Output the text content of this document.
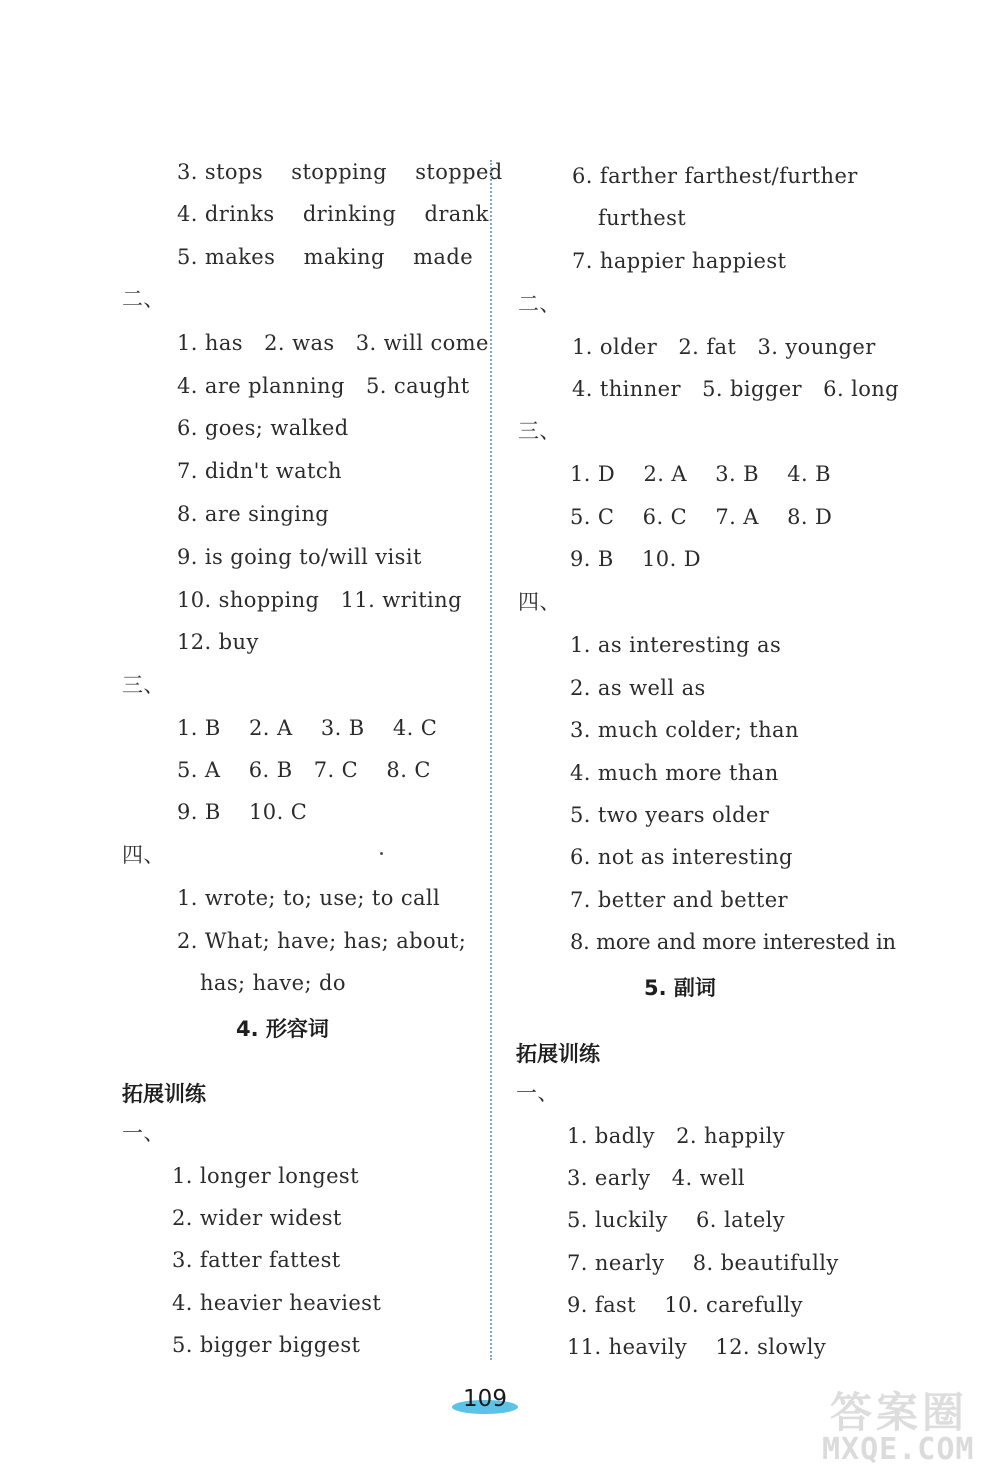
3. stops    stopping    stopped
4. drinks    drinking    drank
5. makes    making    made
二、
1. has   2. was   3. will come
4. are planning   5. caught
6. goes; walked
7. didn't watch
8. are singing
9. is going to/will visit
10. shopping   11. writing
12. buy
三、
1. B    2. A    3. B    4. C
5. A    6. B   7. C    8. C
9. B    10. C
四、
1. wrote; to; use; to call
2. What; have; has; about;
has; have; do
4. 形容词
拓展训练
一、
1. longer longest
2. wider widest
3. fatter fattest
4. heavier heaviest
5. bigger biggest
6. farther farthest/further
furthest
7. happier happiest
二、
1. older   2. fat   3. younger
4. thinner   5. bigger   6. long
三、
1. D    2. A    3. B    4. B
5. C    6. C    7. A    8. D
9. B    10. D
四、
1. as interesting as
2. as well as
3. much colder; than
4. much more than
5. two years older
6. not as interesting
7. better and better
8. more and more interested in
5. 副词
拓展训练
一、
1. badly   2. happily
3. early   4. well
5. luckily    6. lately
7. nearly    8. beautifully
9. fast    10. carefully
11. heavily    12. slowly
109	答案圈
MXQE.COM
